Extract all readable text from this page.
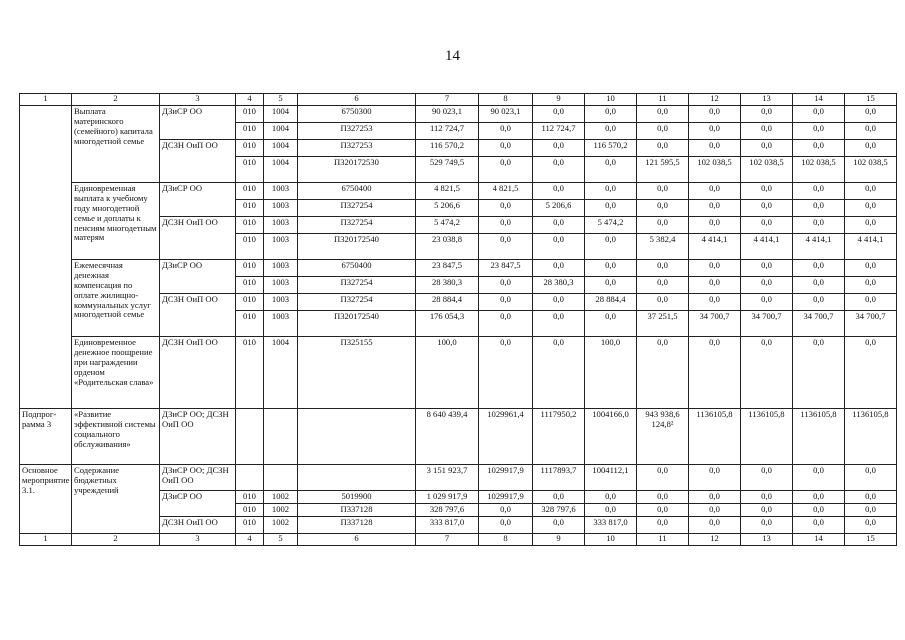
14
1	2	3	4	5	6	7	8	9	10	11	12	13	14	15
	Выплата материнского (семейного) капитала многодетной семье	ДЗиСР ОО	010	1004	6750300	90 023,1	90 023,1	0,0	0,0	0,0	0,0	0,0	0,0	0,0
			010	1004	П327253	112 724,7	0,0	112 724,7	0,0	0,0	0,0	0,0	0,0	0,0
		ДСЗН ОиП ОО	010	1004	П327253	116 570,2	0,0	0,0	116 570,2	0,0	0,0	0,0	0,0	0,0
			010	1004	П320172530	529 749,5	0,0	0,0	0,0	121 595,5	102 038,5	102 038,5	102 038,5	102 038,5
	Единовременная выплата к учебному году многодетной семье и доплаты к пенсиям многодетным матерям	ДЗиСР ОО	010	1003	6750400	4 821,5	4 821,5	0,0	0,0	0,0	0,0	0,0	0,0	0,0
			010	1003	П327254	5 206,6	0,0	5 206,6	0,0	0,0	0,0	0,0	0,0	0,0
		ДСЗН ОиП ОО	010	1003	П327254	5 474,2	0,0	0,0	5 474,2	0,0	0,0	0,0	0,0	0,0
			010	1003	П320172540	23 038,8	0,0	0,0	0,0	5 382,4	4 414,1	4 414,1	4 414,1	4 414,1
	Ежемесячная денежная компенсация по оплате жилищно-коммунальных услуг многодетной семье	ДЗиСР ОО	010	1003	6750400	23 847,5	23 847,5	0,0	0,0	0,0	0,0	0,0	0,0	0,0
			010	1003	П327254	28 380,3	0,0	28 380,3	0,0	0,0	0,0	0,0	0,0	0,0
		ДСЗН ОиП ОО	010	1003	П327254	28 884,4	0,0	0,0	28 884,4	0,0	0,0	0,0	0,0	0,0
			010	1003	П320172540	176 054,3	0,0	0,0	0,0	37 251,5	34 700,7	34 700,7	34 700,7	34 700,7
	Единовременное денежное поощрение при награждении орденом «Родительская слава»	ДСЗН ОиП ОО	010	1004	П325155	100,0	0,0	0,0	100,0	0,0	0,0	0,0	0,0	0,0
Подпрог-рамма 3	«Развитие эффективной системы социального обслуживания»	ДЗиСР ОО; ДСЗН ОиП ОО				8 640 439,4	1029961,4	1117950,2	1004166,0	943 938,6 124,8²	1136105,8	1136105,8	1136105,8	1136105,8
Основное мероприятие 3.1.	Содержание бюджетных учреждений	ДЗиСР ОО; ДСЗН ОиП ОО				3 151 923,7	1029917,9	1117893,7	1004112,1	0,0	0,0	0,0	0,0	0,0
		ДЗиСР ОО	010	1002	5019900	1 029 917,9	1029917,9	0,0	0,0	0,0	0,0	0,0	0,0	0,0
			010	1002	П337128	328 797,6	0,0	328 797,6	0,0	0,0	0,0	0,0	0,0	0,0
		ДСЗН ОиП ОО	010	1002	П337128	333 817,0	0,0	0,0	333 817,0	0,0	0,0	0,0	0,0	0,0
1	2	3	4	5	6	7	8	9	10	11	12	13	14	15
